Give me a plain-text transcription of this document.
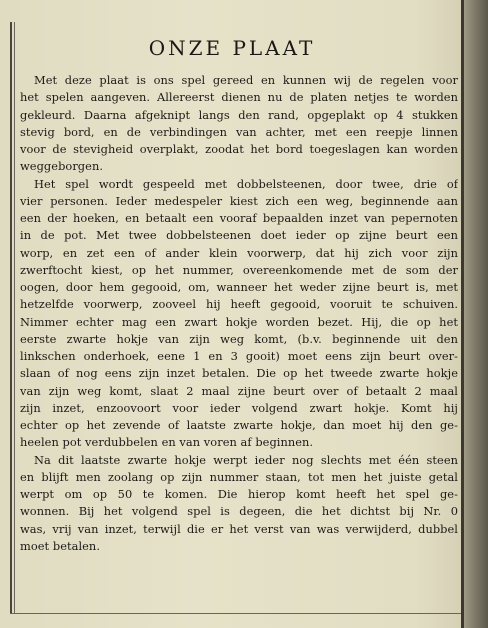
ONZE PLAAT
Met deze plaat is ons spel gereed en kunnen wij de regelen voor
het spelen aangeven. Allereerst dienen nu de platen netjes te worden
gekleurd. Daarna afgeknipt langs den rand, opgeplakt op 4 stukken
stevig bord, en de verbindingen van achter, met een reepje linnen
voor de stevigheid overplakt, zoodat het bord toegeslagen kan worden
weggeborgen.
Het spel wordt gespeeld met dobbelsteenen, door twee, drie of
vier personen. Ieder medespeler kiest zich een weg, beginnende aan
een der hoeken, en betaalt een vooraf bepaalden inzet van pepernoten
in de pot. Met twee dobbelsteenen doet ieder op zijne beurt een
worp, en zet een of ander klein voorwerp, dat hij zich voor zijn
zwerftocht kiest, op het nummer, overeenkomende met de som der
oogen, door hem gegooid, om, wanneer het weder zijne beurt is, met
hetzelfde voorwerp, zooveel hij heeft gegooid, vooruit te schuiven.
Nimmer echter mag een zwart hokje worden bezet. Hij, die op het
eerste zwarte hokje van zijn weg komt, (b.v. beginnende uit den
linkschen onderhoek, eene 1 en 3 gooit) moet eens zijn beurt over-
slaan of nog eens zijn inzet betalen. Die op het tweede zwarte hokje
van zijn weg komt, slaat 2 maal zijne beurt over of betaalt 2 maal
zijn inzet, enzoovoort voor ieder volgend zwart hokje. Komt hij
echter op het zevende of laatste zwarte hokje, dan moet hij den ge-
heelen pot verdubbelen en van voren af beginnen.
Na dit laatste zwarte hokje werpt ieder nog slechts met één steen
en blijft men zoolang op zijn nummer staan, tot men het juiste getal
werpt om op 50 te komen. Die hierop komt heeft het spel ge-
wonnen. Bij het volgend spel is degeen, die het dichtst bij Nr. 0
was, vrij van inzet, terwijl die er het verst van was verwijderd, dubbel
moet betalen.
